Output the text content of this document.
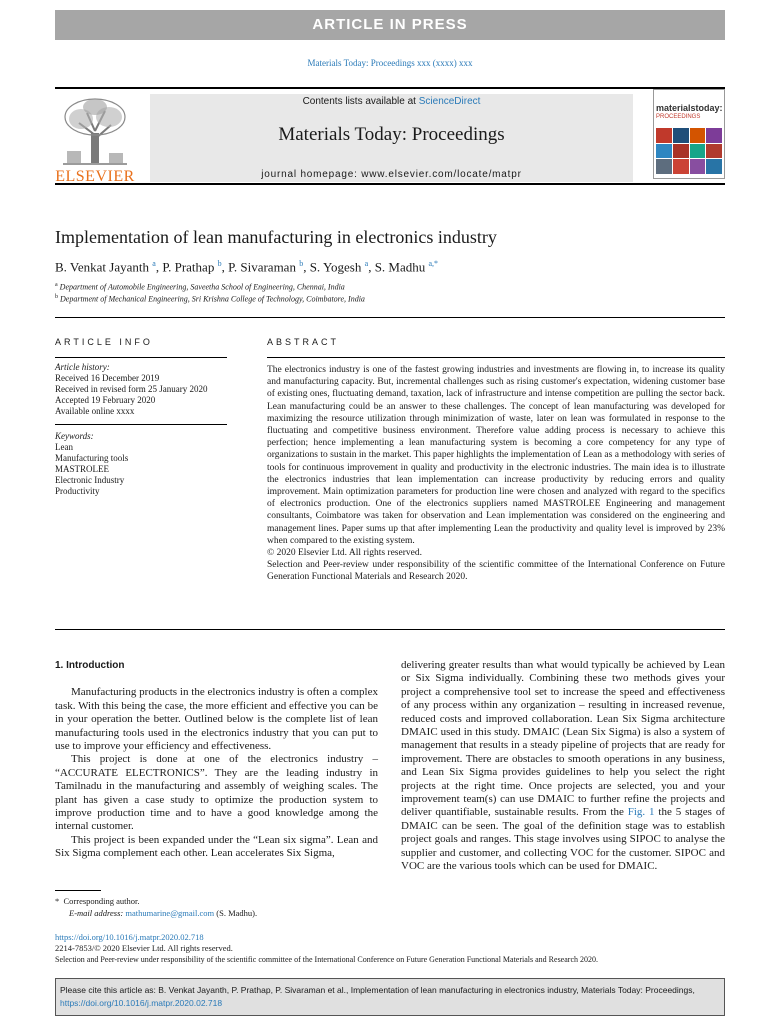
ARTICLE IN PRESS
Materials Today: Proceedings xxx (xxxx) xxx
ELSEVIER
Contents lists available at ScienceDirect
Materials Today: Proceedings
journal homepage: www.elsevier.com/locate/matpr
materialstoday:
PROCEEDINGS
Implementation of lean manufacturing in electronics industry
B. Venkat Jayanth $^a$, P. Prathap $^b$, P. Sivaraman $^b$, S. Yogesh $^a$, S. Madhu $^{a,*}$
$^a$ Department of Automobile Engineering, Saveetha School of Engineering, Chennai, India
$^b$ Department of Mechanical Engineering, Sri Krishna College of Technology, Coimbatore, India
ARTICLE INFO
Article history:
Received 16 December 2019
Received in revised form 25 January 2020
Accepted 19 February 2020
Available online xxxx
Keywords:
Lean
Manufacturing tools
MASTROLEE
Electronic Industry
Productivity
ABSTRACT

The electronics industry is one of the fastest growing industries and investments are flowing in, to increase its quality and manufacturing capacity. But, incremental challenges such as rising customer's expectation, widening customer base of existing ones, fluctuating demand, taxation, lack of infrastructure and intense competition are pulling the sector back. Lean manufacturing could be an answer to these challenges. The concept of lean manufacturing was developed for maximizing the resource utilization through minimization of waste, later on lean was formulated in response to the fluctuating and competitive business environment. Therefore value adding process is necessary to achieve this perfection; hence implementing a lean manufacturing system is becoming a core competency for any type of organizations to sustain in the market. This paper highlights the implementation of Lean as a methodology with series of tools for continuous improvement in quality and productivity in the electronic industries. The main idea is to illustrate the electronics industries that lean implementation can increase productivity by reducing errors and quality improvement. Main optimization parameters for production line were chosen and analyzed with regard to the specifics of electronics production. One of the electronics suppliers named MASTROLEE Engineering and management consultants, Coimbatore was taken for observation and Lean implementation was considered on the engineering and management lines. Paper sums up that after implementing Lean the productivity and quality level is improved by 23% when compared to the existing system.

© 2020 Elsevier Ltd. All rights reserved.

Selection and Peer-review under responsibility of the scientific committee of the International Conference on Future Generation Functional Materials and Research 2020.

1. Introduction

Manufacturing products in the electronics industry is often a complex task. With this being the case, the more efficient and effective you can be in your operation the better. Outlined below is the complete list of lean manufacturing tools used in the electronics industry that you can put to use to improve your efficiency and effectiveness.

This project is done at one of the electronics industry – “ACCURATE ELECTRONICS”. They are the leading industry in Tamilnadu in the manufacturing and assembly of weighing scales. The plant has given a case study to optimize the production system to improve production time and to have a good knowledge among the internal customer.

This project is been expanded under the “Lean six sigma”. Lean and Six Sigma complement each other. Lean accelerates Six Sigma,

delivering greater results than what would typically be achieved by Lean or Six Sigma individually. Combining these two methods gives your project a comprehensive tool set to increase the speed and effectiveness of any process within any organization – resulting in increased revenue, reduced costs and improved collaboration. Lean Six Sigma architecture DMAIC used in this study. DMAIC (Lean Six Sigma) is also a system of management that results in a steady pipeline of projects that are ready for improvement. There are obstacles to smooth operations in any business, and Lean Six Sigma provides guidelines to help you select the right projects at the right time. Once projects are selected, you and your improvement team(s) can use DMAIC to further refine the projects and deliver quantifiable, sustainable results. From the Fig. 1 the 5 stages of DMAIC can be seen. The goal of the definition stage was to establish project goals and ranges. This stage involves using SIPOC to analyse the supplier and customer, and collecting VOC for the customer. SIPOC and VOC are the various tools which can be used for DMAIC.

* Corresponding author.
E-mail address: mathumarine@gmail.com (S. Madhu).
https://doi.org/10.1016/j.matpr.2020.02.718
2214-7853/© 2020 Elsevier Ltd. All rights reserved.
Selection and Peer-review under responsibility of the scientific committee of the International Conference on Future Generation Functional Materials and Research 2020.
Please cite this article as: B. Venkat Jayanth, P. Prathap, P. Sivaraman et al., Implementation of lean manufacturing in electronics industry, Materials Today: Proceedings, https://doi.org/10.1016/j.matpr.2020.02.718
